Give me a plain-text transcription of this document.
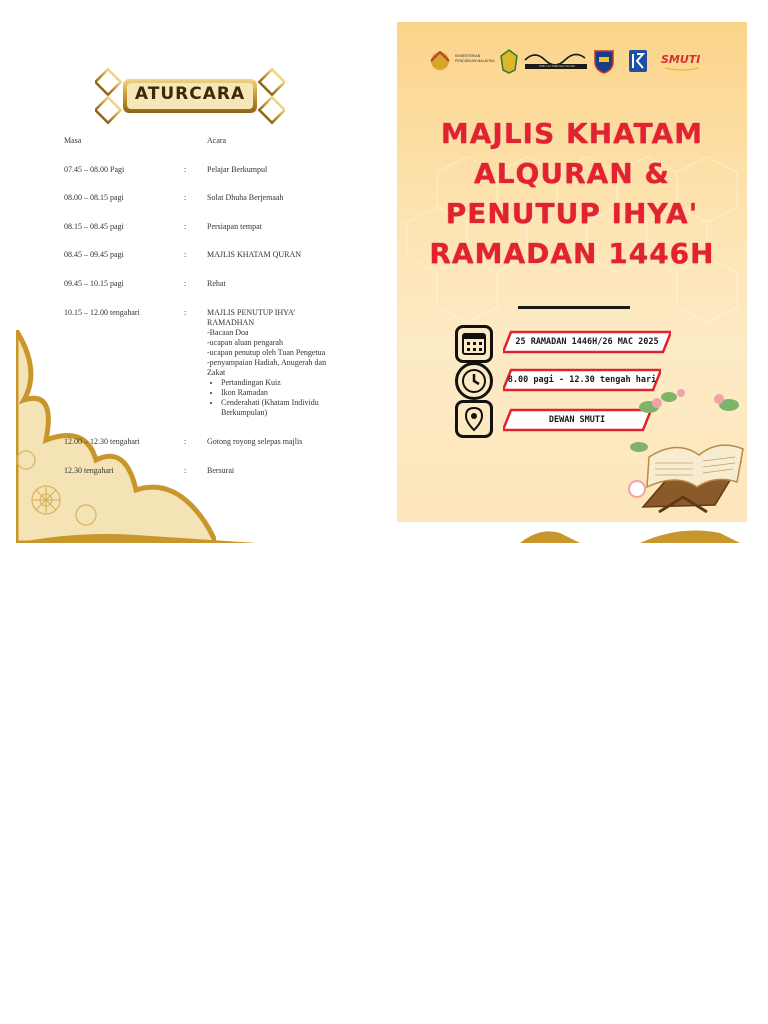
ATURCARA
Masa	Acara
07.45 – 08.00 Pagi	:	Pelajar Berkumpul
08.00 – 08.15 pagi	:	Solat Dhuha Berjemaah
08.15 – 08.45 pagi	:	Persiapan tempat
08.45 – 09.45 pagi	:	MAJLIS KHATAM QURAN
09.45 – 10.15 pagi	:	Rehat
10.15 – 12.00 tengahari	:	MAJLIS PENUTUP IHYA’
RAMADHAN
-Bacaan Doa
-ucapan aluan pengarah
-ucapan penutup oleh Tuan Pengetua
-penyampaian Hadiah, Anugerah dan
Zakat
• Pertandingan Kuiz
• Ikon Ramadan
• Cenderahati (Khatam Individu Berkumpulan)
12.00 – 12.30 tengahari	:	Gotong royong selepas majlis
12.30 tengahari	:	Bersurai
KEMENTERIAN PENDIDIKAN MALAYSIA
SMK LKI TABLIGH ISLAMI	SMUTI
MAJLIS KHATAM
ALQURAN &
PENUTUP IHYA'
RAMADAN 1446H
25 RAMADAN 1446H/26 MAC 2025
8.00 pagi - 12.30 tengah hari
DEWAN SMUTI
